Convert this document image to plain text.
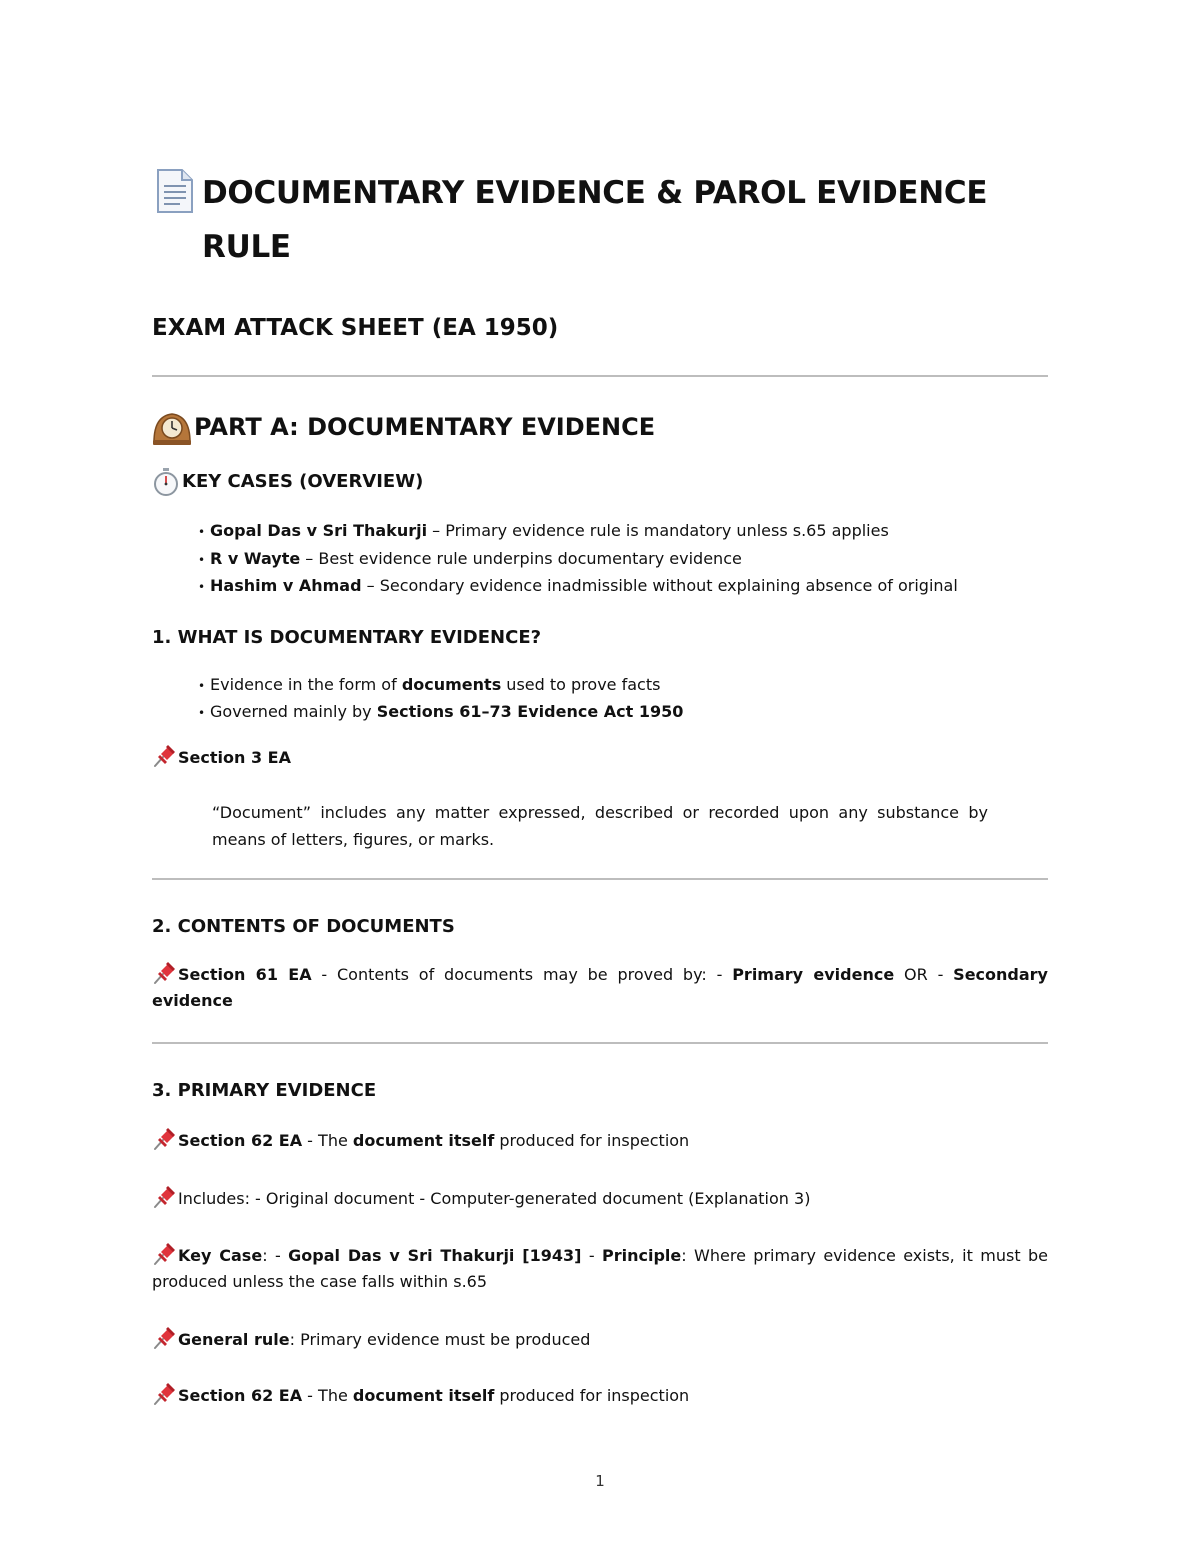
DOCUMENTARY EVIDENCE & PAROL EVIDENCE RULE
EXAM ATTACK SHEET (EA 1950)
PART A: DOCUMENTARY EVIDENCE
KEY CASES (OVERVIEW)
• Gopal Das v Sri Thakurji – Primary evidence rule is mandatory unless s.65 applies
• R v Wayte – Best evidence rule underpins documentary evidence
• Hashim v Ahmad – Secondary evidence inadmissible without explaining absence of original
1. WHAT IS DOCUMENTARY EVIDENCE?
• Evidence in the form of documents used to prove facts
• Governed mainly by Sections 61–73 Evidence Act 1950
Section 3 EA
“Document” includes any matter expressed, described or recorded upon any substance by means of letters, figures, or marks.
2. CONTENTS OF DOCUMENTS
Section 61 EA - Contents of documents may be proved by: - Primary evidence OR - Secondary evidence
3. PRIMARY EVIDENCE
Section 62 EA - The document itself produced for inspection
Includes: - Original document - Computer-generated document (Explanation 3)
Key Case: - Gopal Das v Sri Thakurji [1943] - Principle: Where primary evidence exists, it must be produced unless the case falls within s.65
General rule: Primary evidence must be produced
Section 62 EA - The document itself produced for inspection
1
